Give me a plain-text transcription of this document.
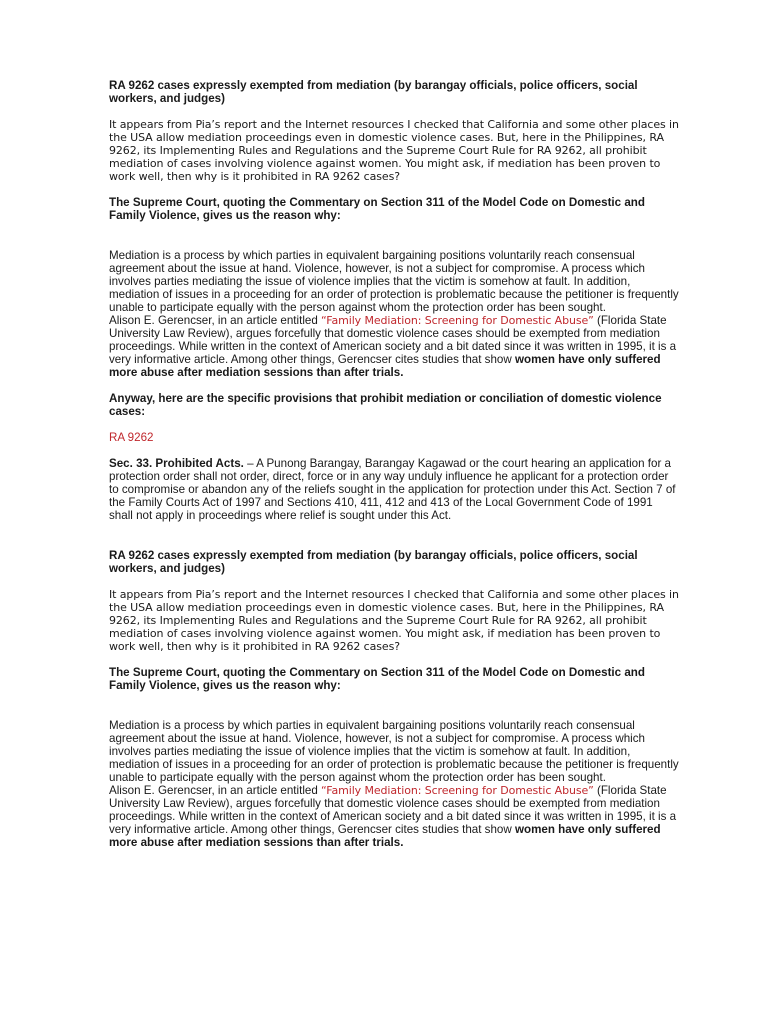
RA 9262 cases expressly exempted from mediation (by barangay officials, police officers, social workers, and judges)

It appears from Pia’s report and the Internet resources I checked that California and some other places in the USA allow mediation proceedings even in domestic violence cases. But, here in the Philippines, RA 9262, its Implementing Rules and Regulations and the Supreme Court Rule for RA 9262, all prohibit mediation of cases involving violence against women. You might ask, if mediation has been proven to work well, then why is it prohibited in RA 9262 cases?

The Supreme Court, quoting the Commentary on Section 311 of the Model Code on Domestic and Family Violence, gives us the reason why:

Mediation is a process by which parties in equivalent bargaining positions voluntarily reach consensual agreement about the issue at hand. Violence, however, is not a subject for compromise. A process which involves parties mediating the issue of violence implies that the victim is somehow at fault. In addition, mediation of issues in a proceeding for an order of protection is problematic because the petitioner is frequently unable to participate equally with the person against whom the protection order has been sought.

Alison E. Gerencser, in an article entitled “Family Mediation: Screening for Domestic Abuse” (Florida State University Law Review), argues forcefully that domestic violence cases should be exempted from mediation proceedings. While written in the context of American society and a bit dated since it was written in 1995, it is a very informative article. Among other things, Gerencser cites studies that show women have only suffered more abuse after mediation sessions than after trials.

Anyway, here are the specific provisions that prohibit mediation or conciliation of domestic violence cases:

RA 9262

Sec. 33. Prohibited Acts. – A Punong Barangay, Barangay Kagawad or the court hearing an application for a protection order shall not order, direct, force or in any way unduly influence he applicant for a protection order to compromise or abandon any of the reliefs sought in the application for protection under this Act. Section 7 of the Family Courts Act of 1997 and Sections 410, 411, 412 and 413 of the Local Government Code of 1991 shall not apply in proceedings where relief is sought under this Act.

RA 9262 cases expressly exempted from mediation (by barangay officials, police officers, social workers, and judges)

It appears from Pia’s report and the Internet resources I checked that California and some other places in the USA allow mediation proceedings even in domestic violence cases. But, here in the Philippines, RA 9262, its Implementing Rules and Regulations and the Supreme Court Rule for RA 9262, all prohibit mediation of cases involving violence against women. You might ask, if mediation has been proven to work well, then why is it prohibited in RA 9262 cases?

The Supreme Court, quoting the Commentary on Section 311 of the Model Code on Domestic and Family Violence, gives us the reason why:

Mediation is a process by which parties in equivalent bargaining positions voluntarily reach consensual agreement about the issue at hand. Violence, however, is not a subject for compromise. A process which involves parties mediating the issue of violence implies that the victim is somehow at fault. In addition, mediation of issues in a proceeding for an order of protection is problematic because the petitioner is frequently unable to participate equally with the person against whom the protection order has been sought.

Alison E. Gerencser, in an article entitled “Family Mediation: Screening for Domestic Abuse” (Florida State University Law Review), argues forcefully that domestic violence cases should be exempted from mediation proceedings. While written in the context of American society and a bit dated since it was written in 1995, it is a very informative article. Among other things, Gerencser cites studies that show women have only suffered more abuse after mediation sessions than after trials.
